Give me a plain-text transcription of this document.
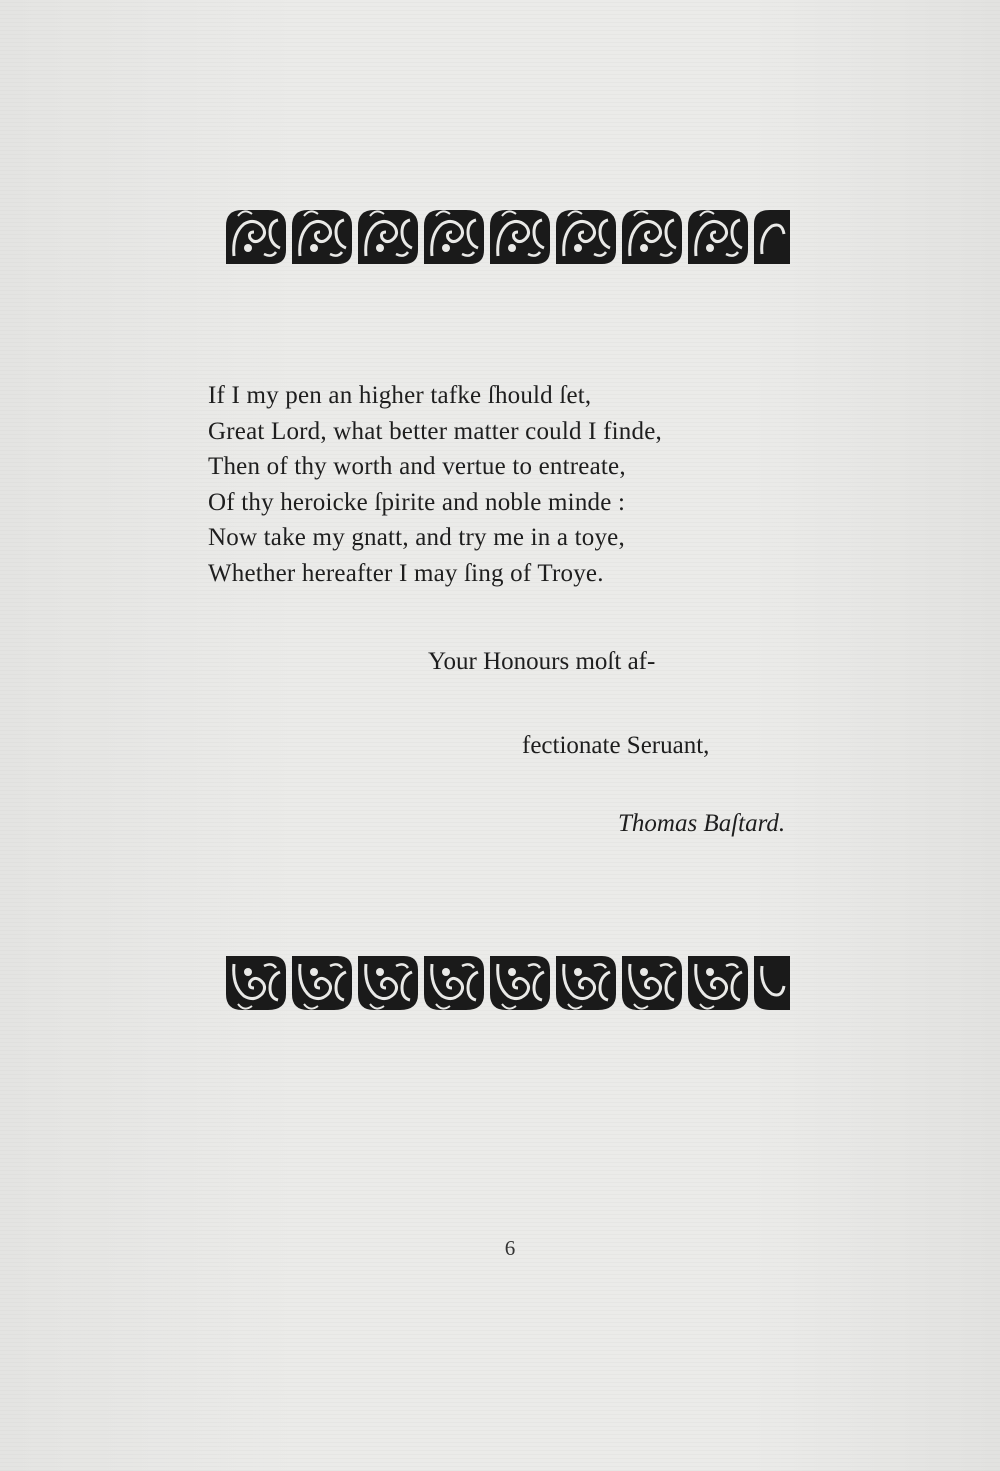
If I my pen an higher tafke ſhould ſet,
Great Lord, what better matter could I finde,
Then of thy worth and vertue to entreate,
Of thy heroicke ſpirite and noble minde :
Now take my gnatt, and try me in a toye,
Whether hereafter I may ſing of Troye.
Your Honours moſt af-
fectionate Seruant,
Thomas Baſtard.
6
